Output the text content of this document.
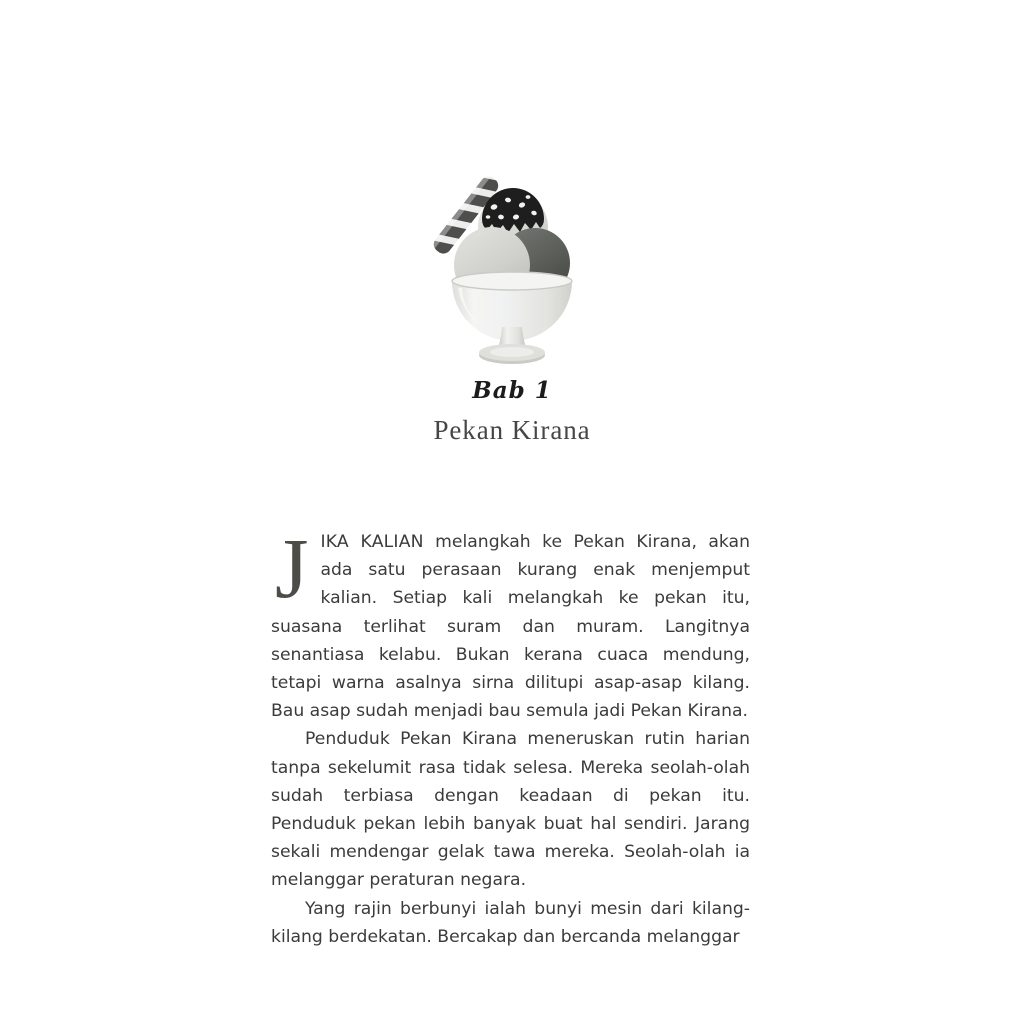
Bab 1
Pekan Kirana

JIKA KALIAN melangkah ke Pekan Kirana, akan ada satu perasaan kurang enak menjemput kalian. Setiap kali melangkah ke pekan itu, suasana terlihat suram dan muram. Langitnya senantiasa kelabu. Bukan kerana cuaca mendung, tetapi warna asalnya sirna dilitupi asap-asap kilang. Bau asap sudah menjadi bau semula jadi Pekan Kirana.

Penduduk Pekan Kirana meneruskan rutin harian tanpa sekelumit rasa tidak selesa. Mereka seolah-olah sudah terbiasa dengan keadaan di pekan itu. Penduduk pekan lebih banyak buat hal sendiri. Jarang sekali mendengar gelak tawa mereka. Seolah-olah ia melanggar peraturan negara.

Yang rajin berbunyi ialah bunyi mesin dari kilang-kilang berdekatan. Bercakap dan bercanda melanggar
